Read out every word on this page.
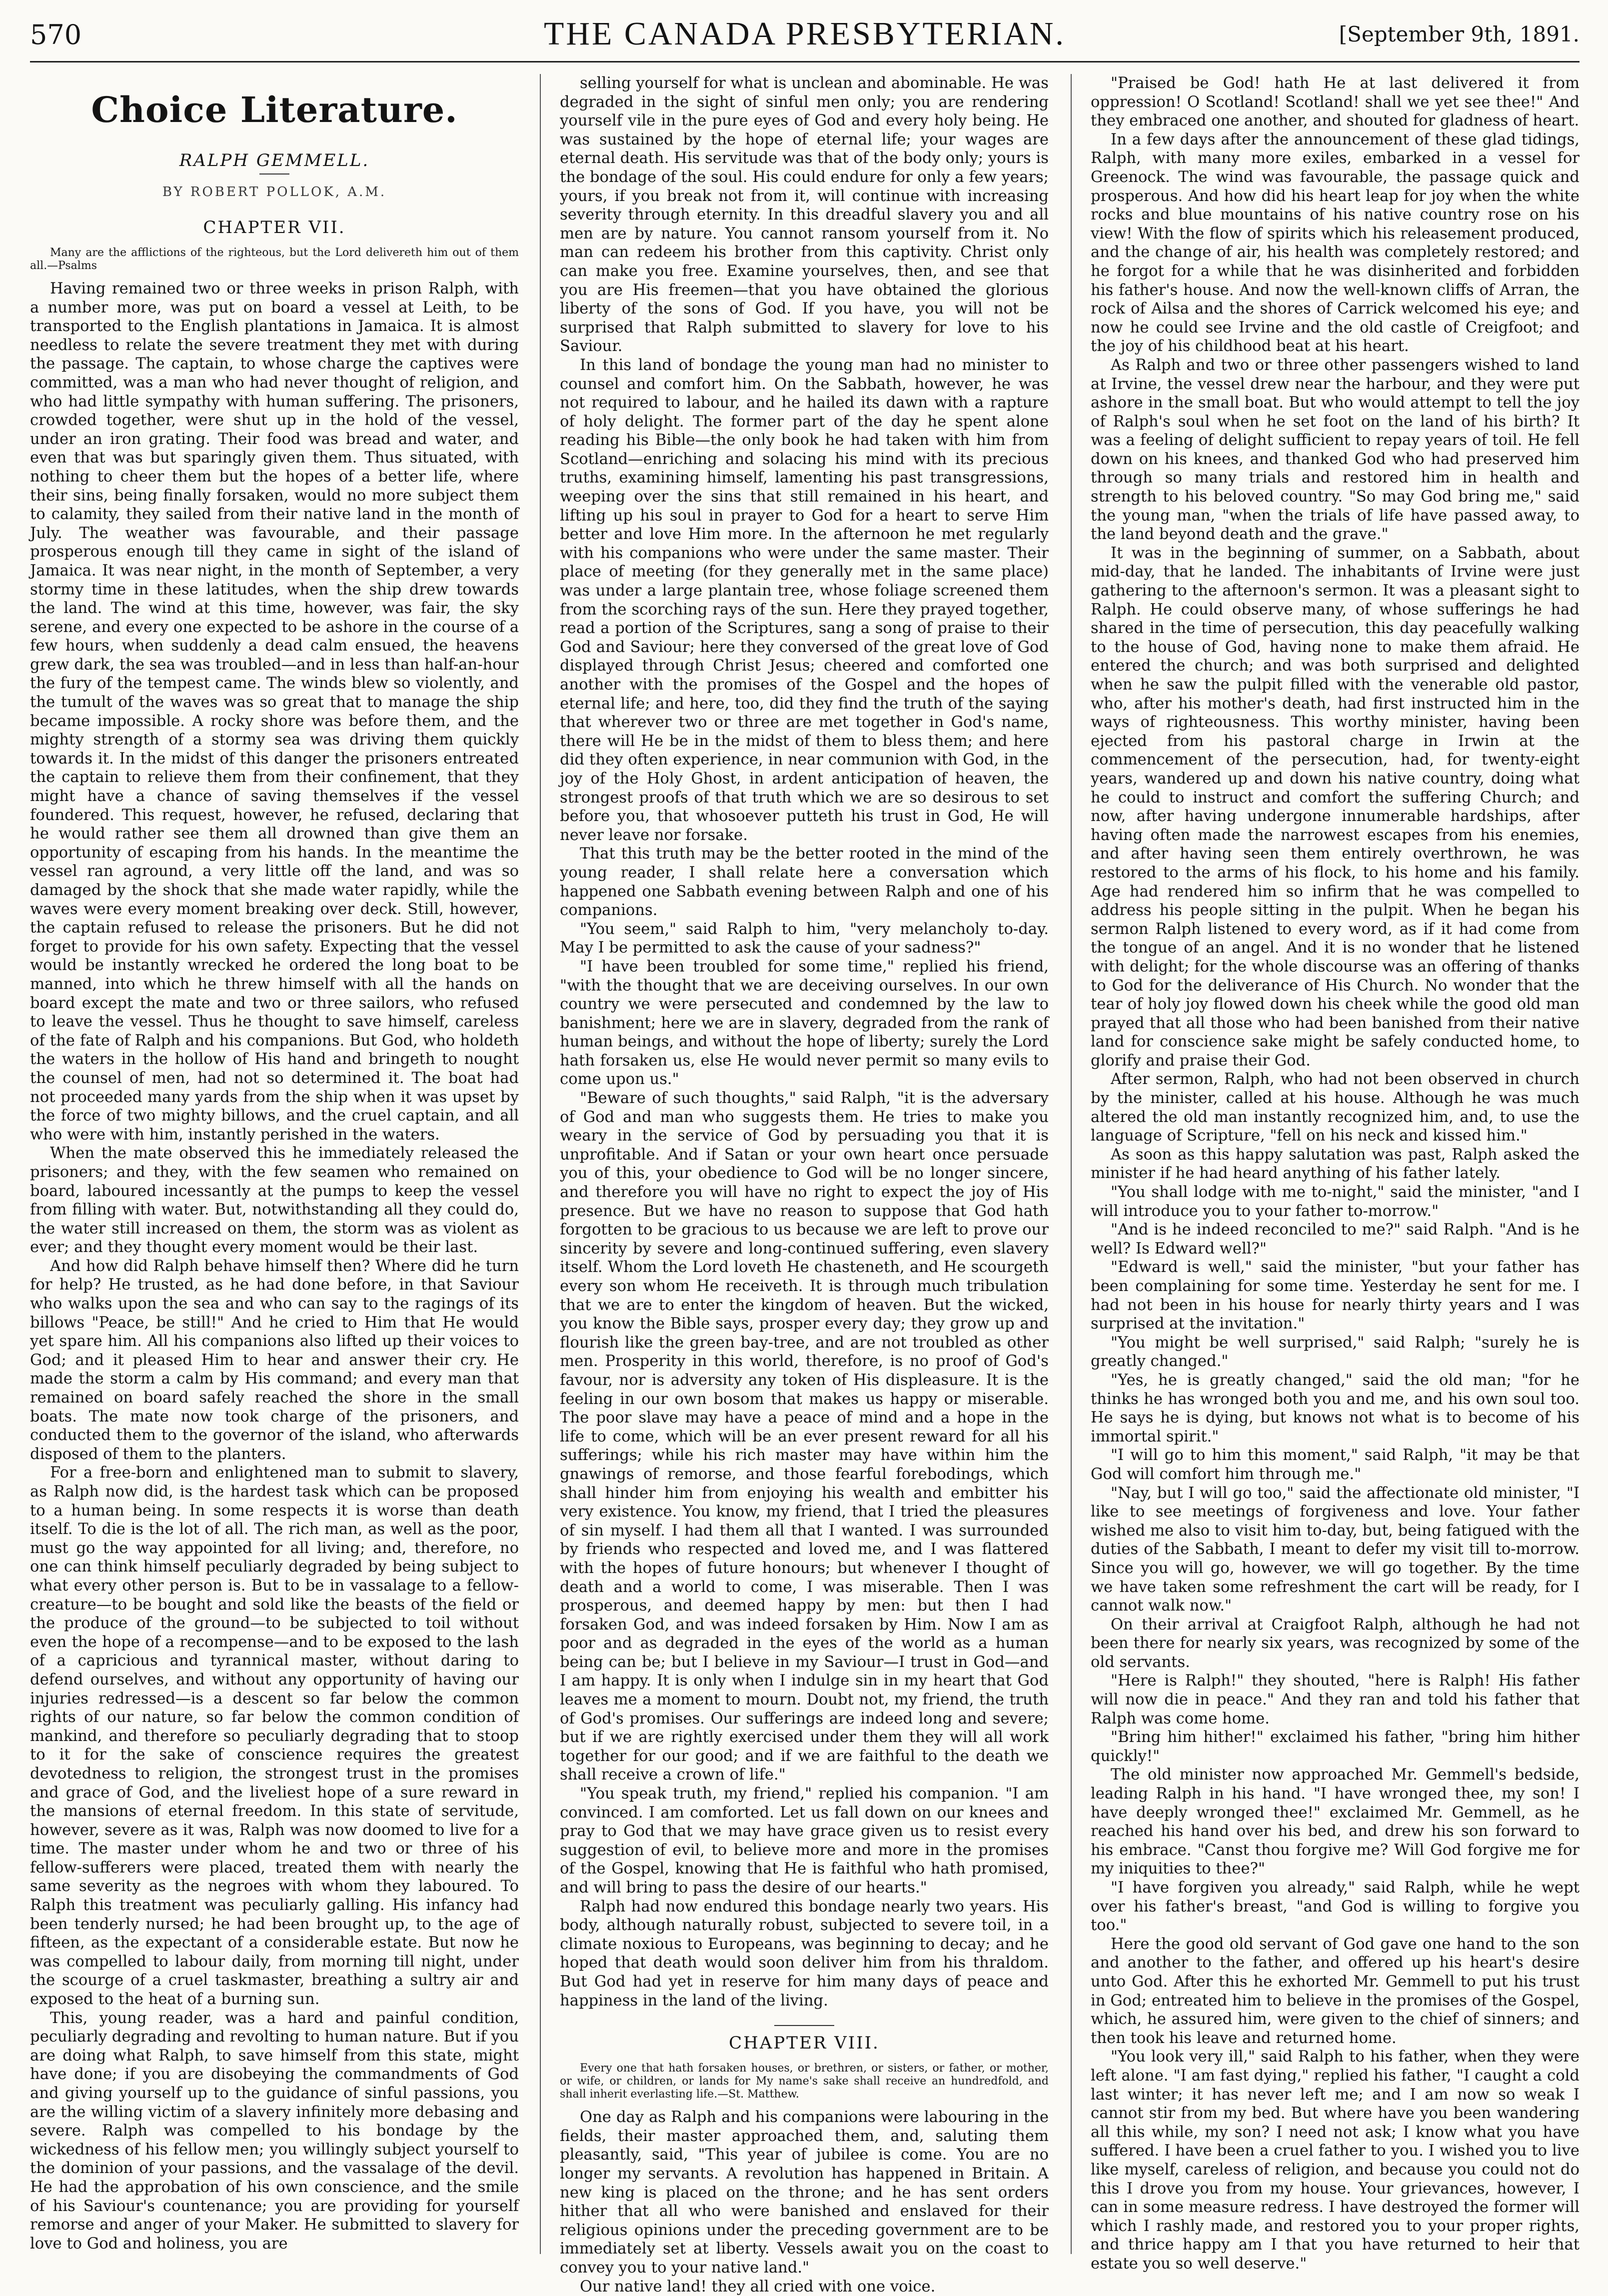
570	THE CANADA PRESBYTERIAN.	[September 9th, 1891.
Choice Literature.
RALPH GEMMELL.
BY ROBERT POLLOK, A.M.
CHAPTER VII.

Many are the afflictions of the righteous, but the Lord delivereth him out of them all.—Psalms

Having remained two or three weeks in prison Ralph, with a number more, was put on board a vessel at Leith, to be transported to the English plantations in Jamaica. It is almost needless to relate the severe treatment they met with during the passage. The captain, to whose charge the captives were committed, was a man who had never thought of religion, and who had little sympathy with human suffering. The prisoners, crowded together, were shut up in the hold of the vessel, under an iron grating. Their food was bread and water, and even that was but sparingly given them. Thus situated, with nothing to cheer them but the hopes of a better life, where their sins, being finally forsaken, would no more subject them to calamity, they sailed from their native land in the month of July. The weather was favourable, and their passage prosperous enough till they came in sight of the island of Jamaica. It was near night, in the month of September, a very stormy time in these latitudes, when the ship drew towards the land. The wind at this time, however, was fair, the sky serene, and every one expected to be ashore in the course of a few hours, when suddenly a dead calm ensued, the heavens grew dark, the sea was troubled—and in less than half-an-hour the fury of the tempest came. The winds blew so violently, and the tumult of the waves was so great that to manage the ship became impossible. A rocky shore was before them, and the mighty strength of a stormy sea was driving them quickly towards it. In the midst of this danger the prisoners entreated the captain to relieve them from their confinement, that they might have a chance of saving themselves if the vessel foundered. This request, however, he refused, declaring that he would rather see them all drowned than give them an opportunity of escaping from his hands. In the meantime the vessel ran aground, a very little off the land, and was so damaged by the shock that she made water rapidly, while the waves were every moment breaking over deck. Still, however, the captain refused to release the prisoners. But he did not forget to provide for his own safety. Expecting that the vessel would be instantly wrecked he ordered the long boat to be manned, into which he threw himself with all the hands on board except the mate and two or three sailors, who refused to leave the vessel. Thus he thought to save himself, careless of the fate of Ralph and his companions. But God, who holdeth the waters in the hollow of His hand and bringeth to nought the counsel of men, had not so determined it. The boat had not proceeded many yards from the ship when it was upset by the force of two mighty billows, and the cruel captain, and all who were with him, instantly perished in the waters.

When the mate observed this he immediately released the prisoners; and they, with the few seamen who remained on board, laboured incessantly at the pumps to keep the vessel from filling with water. But, notwithstanding all they could do, the water still increased on them, the storm was as violent as ever; and they thought every moment would be their last.

And how did Ralph behave himself then? Where did he turn for help? He trusted, as he had done before, in that Saviour who walks upon the sea and who can say to the ragings of its billows "Peace, be still!" And he cried to Him that He would yet spare him. All his companions also lifted up their voices to God; and it pleased Him to hear and answer their cry. He made the storm a calm by His command; and every man that remained on board safely reached the shore in the small boats. The mate now took charge of the prisoners, and conducted them to the governor of the island, who afterwards disposed of them to the planters.

For a free-born and enlightened man to submit to slavery, as Ralph now did, is the hardest task which can be proposed to a human being. In some respects it is worse than death itself. To die is the lot of all. The rich man, as well as the poor, must go the way appointed for all living; and, therefore, no one can think himself peculiarly degraded by being subject to what every other person is. But to be in vassalage to a fellow-creature—to be bought and sold like the beasts of the field or the produce of the ground—to be subjected to toil without even the hope of a recompense—and to be exposed to the lash of a capricious and tyrannical master, without daring to defend ourselves, and without any opportunity of having our injuries redressed—is a descent so far below the common rights of our nature, so far below the common condition of mankind, and therefore so peculiarly degrading that to stoop to it for the sake of conscience requires the greatest devotedness to religion, the strongest trust in the promises and grace of God, and the liveliest hope of a sure reward in the mansions of eternal freedom. In this state of servitude, however, severe as it was, Ralph was now doomed to live for a time. The master under whom he and two or three of his fellow-sufferers were placed, treated them with nearly the same severity as the negroes with whom they laboured. To Ralph this treatment was peculiarly galling. His infancy had been tenderly nursed; he had been brought up, to the age of fifteen, as the expectant of a considerable estate. But now he was compelled to labour daily, from morning till night, under the scourge of a cruel taskmaster, breathing a sultry air and exposed to the heat of a burning sun.

This, young reader, was a hard and painful condition, peculiarly degrading and revolting to human nature. But if you are doing what Ralph, to save himself from this state, might have done; if you are disobeying the commandments of God and giving yourself up to the guidance of sinful passions, you are the willing victim of a slavery infinitely more debasing and severe. Ralph was compelled to his bondage by the wickedness of his fellow men; you willingly subject yourself to the dominion of your passions, and the vassalage of the devil. He had the approbation of his own conscience, and the smile of his Saviour's countenance; you are providing for yourself remorse and anger of your Maker. He submitted to slavery for love to God and holiness, you are

selling yourself for what is unclean and abominable. He was degraded in the sight of sinful men only; you are rendering yourself vile in the pure eyes of God and every holy being. He was sustained by the hope of eternal life; your wages are eternal death. His servitude was that of the body only; yours is the bondage of the soul. His could endure for only a few years; yours, if you break not from it, will continue with increasing severity through eternity. In this dreadful slavery you and all men are by nature. You cannot ransom yourself from it. No man can redeem his brother from this captivity. Christ only can make you free. Examine yourselves, then, and see that you are His freemen—that you have obtained the glorious liberty of the sons of God. If you have, you will not be surprised that Ralph submitted to slavery for love to his Saviour.

In this land of bondage the young man had no minister to counsel and comfort him. On the Sabbath, however, he was not required to labour, and he hailed its dawn with a rapture of holy delight. The former part of the day he spent alone reading his Bible—the only book he had taken with him from Scotland—enriching and solacing his mind with its precious truths, examining himself, lamenting his past transgressions, weeping over the sins that still remained in his heart, and lifting up his soul in prayer to God for a heart to serve Him better and love Him more. In the afternoon he met regularly with his companions who were under the same master. Their place of meeting (for they generally met in the same place) was under a large plantain tree, whose foliage screened them from the scorching rays of the sun. Here they prayed together, read a portion of the Scriptures, sang a song of praise to their God and Saviour; here they conversed of the great love of God displayed through Christ Jesus; cheered and comforted one another with the promises of the Gospel and the hopes of eternal life; and here, too, did they find the truth of the saying that wherever two or three are met together in God's name, there will He be in the midst of them to bless them; and here did they often experience, in near communion with God, in the joy of the Holy Ghost, in ardent anticipation of heaven, the strongest proofs of that truth which we are so desirous to set before you, that whosoever putteth his trust in God, He will never leave nor forsake.

That this truth may be the better rooted in the mind of the young reader, I shall relate here a conversation which happened one Sabbath evening between Ralph and one of his companions.

"You seem," said Ralph to him, "very melancholy to-day. May I be permitted to ask the cause of your sadness?"

"I have been troubled for some time," replied his friend, "with the thought that we are deceiving ourselves. In our own country we were persecuted and condemned by the law to banishment; here we are in slavery, degraded from the rank of human beings, and without the hope of liberty; surely the Lord hath forsaken us, else He would never permit so many evils to come upon us."

"Beware of such thoughts," said Ralph, "it is the adversary of God and man who suggests them. He tries to make you weary in the service of God by persuading you that it is unprofitable. And if Satan or your own heart once persuade you of this, your obedience to God will be no longer sincere, and therefore you will have no right to expect the joy of His presence. But we have no reason to suppose that God hath forgotten to be gracious to us because we are left to prove our sincerity by severe and long-continued suffering, even slavery itself. Whom the Lord loveth He chasteneth, and He scourgeth every son whom He receiveth. It is through much tribulation that we are to enter the kingdom of heaven. But the wicked, you know the Bible says, prosper every day; they grow up and flourish like the green bay-tree, and are not troubled as other men. Prosperity in this world, therefore, is no proof of God's favour, nor is adversity any token of His displeasure. It is the feeling in our own bosom that makes us happy or miserable. The poor slave may have a peace of mind and a hope in the life to come, which will be an ever present reward for all his sufferings; while his rich master may have within him the gnawings of remorse, and those fearful forebodings, which shall hinder him from enjoying his wealth and embitter his very existence. You know, my friend, that I tried the pleasures of sin myself. I had them all that I wanted. I was surrounded by friends who respected and loved me, and I was flattered with the hopes of future honours; but whenever I thought of death and a world to come, I was miserable. Then I was prosperous, and deemed happy by men: but then I had forsaken God, and was indeed forsaken by Him. Now I am as poor and as degraded in the eyes of the world as a human being can be; but I believe in my Saviour—I trust in God—and I am happy. It is only when I indulge sin in my heart that God leaves me a moment to mourn. Doubt not, my friend, the truth of God's promises. Our sufferings are indeed long and severe; but if we are rightly exercised under them they will all work together for our good; and if we are faithful to the death we shall receive a crown of life."

"You speak truth, my friend," replied his companion. "I am convinced. I am comforted. Let us fall down on our knees and pray to God that we may have grace given us to resist every suggestion of evil, to believe more and more in the promises of the Gospel, knowing that He is faithful who hath promised, and will bring to pass the desire of our hearts."

Ralph had now endured this bondage nearly two years. His body, although naturally robust, subjected to severe toil, in a climate noxious to Europeans, was beginning to decay; and he hoped that death would soon deliver him from his thraldom. But God had yet in reserve for him many days of peace and happiness in the land of the living.

CHAPTER VIII.

Every one that hath forsaken houses, or brethren, or sisters, or father, or mother, or wife, or children, or lands for My name's sake shall receive an hundredfold, and shall inherit everlasting life.—St. Matthew.

One day as Ralph and his companions were labouring in the fields, their master approached them, and, saluting them pleasantly, said, "This year of jubilee is come. You are no longer my servants. A revolution has happened in Britain. A new king is placed on the throne; and he has sent orders hither that all who were banished and enslaved for their religious opinions under the preceding government are to be immediately set at liberty. Vessels await you on the coast to convey you to your native land."

Our native land! they all cried with one voice.

"Praised be God! hath He at last delivered it from oppression! O Scotland! Scotland! shall we yet see thee!" And they embraced one another, and shouted for gladness of heart.

In a few days after the announcement of these glad tidings, Ralph, with many more exiles, embarked in a vessel for Greenock. The wind was favourable, the passage quick and prosperous. And how did his heart leap for joy when the white rocks and blue mountains of his native country rose on his view! With the flow of spirits which his releasement produced, and the change of air, his health was completely restored; and he forgot for a while that he was disinherited and forbidden his father's house. And now the well-known cliffs of Arran, the rock of Ailsa and the shores of Carrick welcomed his eye; and now he could see Irvine and the old castle of Creigfoot; and the joy of his childhood beat at his heart.

As Ralph and two or three other passengers wished to land at Irvine, the vessel drew near the harbour, and they were put ashore in the small boat. But who would attempt to tell the joy of Ralph's soul when he set foot on the land of his birth? It was a feeling of delight sufficient to repay years of toil. He fell down on his knees, and thanked God who had preserved him through so many trials and restored him in health and strength to his beloved country. "So may God bring me," said the young man, "when the trials of life have passed away, to the land beyond death and the grave."

It was in the beginning of summer, on a Sabbath, about mid-day, that he landed. The inhabitants of Irvine were just gathering to the afternoon's sermon. It was a pleasant sight to Ralph. He could observe many, of whose sufferings he had shared in the time of persecution, this day peacefully walking to the house of God, having none to make them afraid. He entered the church; and was both surprised and delighted when he saw the pulpit filled with the venerable old pastor, who, after his mother's death, had first instructed him in the ways of righteousness. This worthy minister, having been ejected from his pastoral charge in Irwin at the commencement of the persecution, had, for twenty-eight years, wandered up and down his native country, doing what he could to instruct and comfort the suffering Church; and now, after having undergone innumerable hardships, after having often made the narrowest escapes from his enemies, and after having seen them entirely overthrown, he was restored to the arms of his flock, to his home and his family. Age had rendered him so infirm that he was compelled to address his people sitting in the pulpit. When he began his sermon Ralph listened to every word, as if it had come from the tongue of an angel. And it is no wonder that he listened with delight; for the whole discourse was an offering of thanks to God for the deliverance of His Church. No wonder that the tear of holy joy flowed down his cheek while the good old man prayed that all those who had been banished from their native land for conscience sake might be safely conducted home, to glorify and praise their God.

After sermon, Ralph, who had not been observed in church by the minister, called at his house. Although he was much altered the old man instantly recognized him, and, to use the language of Scripture, "fell on his neck and kissed him."

As soon as this happy salutation was past, Ralph asked the minister if he had heard anything of his father lately.

"You shall lodge with me to-night," said the minister, "and I will introduce you to your father to-morrow."

"And is he indeed reconciled to me?" said Ralph. "And is he well? Is Edward well?"

"Edward is well," said the minister, "but your father has been complaining for some time. Yesterday he sent for me. I had not been in his house for nearly thirty years and I was surprised at the invitation."

"You might be well surprised," said Ralph; "surely he is greatly changed."

"Yes, he is greatly changed," said the old man; "for he thinks he has wronged both you and me, and his own soul too. He says he is dying, but knows not what is to become of his immortal spirit."

"I will go to him this moment," said Ralph, "it may be that God will comfort him through me."

"Nay, but I will go too," said the affectionate old minister, "I like to see meetings of forgiveness and love. Your father wished me also to visit him to-day, but, being fatigued with the duties of the Sabbath, I meant to defer my visit till to-morrow. Since you will go, however, we will go together. By the time we have taken some refreshment the cart will be ready, for I cannot walk now."

On their arrival at Craigfoot Ralph, although he had not been there for nearly six years, was recognized by some of the old servants.

"Here is Ralph!" they shouted, "here is Ralph! His father will now die in peace." And they ran and told his father that Ralph was come home.

"Bring him hither!" exclaimed his father, "bring him hither quickly!"

The old minister now approached Mr. Gemmell's bedside, leading Ralph in his hand. "I have wronged thee, my son! I have deeply wronged thee!" exclaimed Mr. Gemmell, as he reached his hand over his bed, and drew his son forward to his embrace. "Canst thou forgive me? Will God forgive me for my iniquities to thee?"

"I have forgiven you already," said Ralph, while he wept over his father's breast, "and God is willing to forgive you too."

Here the good old servant of God gave one hand to the son and another to the father, and offered up his heart's desire unto God. After this he exhorted Mr. Gemmell to put his trust in God; entreated him to believe in the promises of the Gospel, which, he assured him, were given to the chief of sinners; and then took his leave and returned home.

"You look very ill," said Ralph to his father, when they were left alone. "I am fast dying," replied his father, "I caught a cold last winter; it has never left me; and I am now so weak I cannot stir from my bed. But where have you been wandering all this while, my son? I need not ask; I know what you have suffered. I have been a cruel father to you. I wished you to live like myself, careless of religion, and because you could not do this I drove you from my house. Your grievances, however, I can in some measure redress. I have destroyed the former will which I rashly made, and restored you to your proper rights, and thrice happy am I that you have returned to heir that estate you so well deserve."
